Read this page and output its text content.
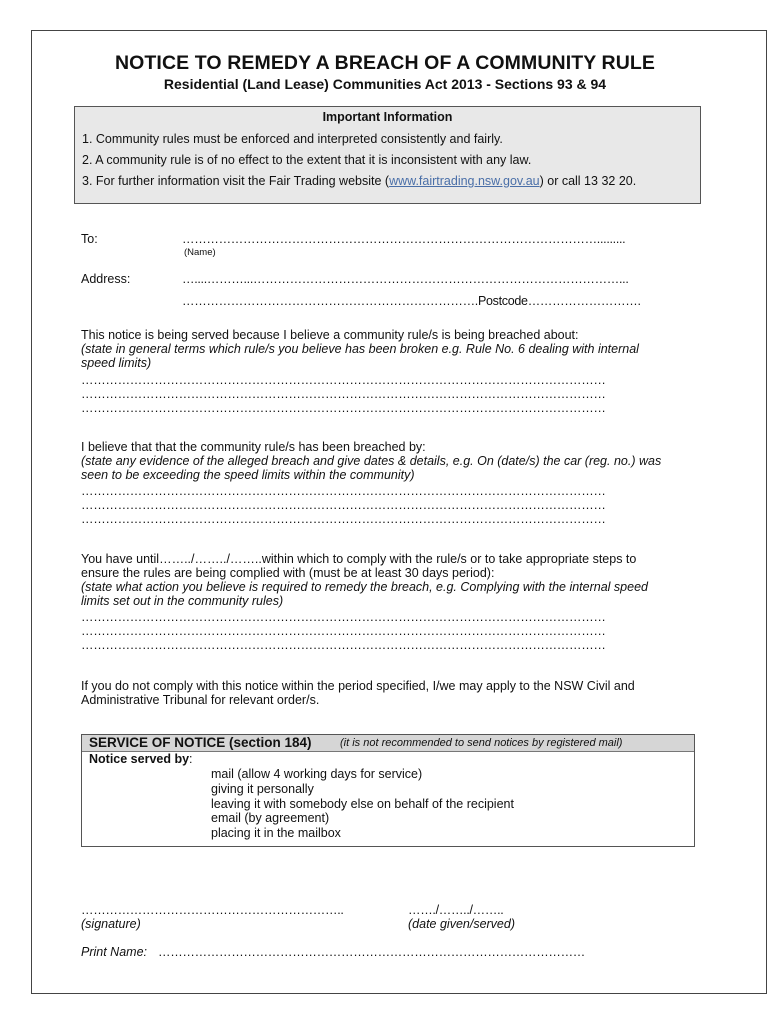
NOTICE TO REMEDY A BREACH OF A COMMUNITY RULE
Residential (Land Lease) Communities Act 2013 - Sections 93 & 94
Important Information
1. Community rules must be enforced and interpreted consistently and fairly.
2. A community rule is of no effect to the extent that it is inconsistent with any law.
3. For further information visit the Fair Trading website (www.fairtrading.nsw.gov.au) or call 13 32 20.
To:	………………………………………………………………………………………….........
(Name)
Address:	…....………...………………………………………………………………………………...
……………………………………………………………….Postcode……………………….
This notice is being served because I believe a community rule/s is being breached about:
(state in general terms which rule/s you believe has been broken e.g. Rule No. 6 dealing with internal
speed limits)
…………………………………………………………………………………………………………………
…………………………………………………………………………………………………………………
…………………………………………………………………………………………………………………
I believe that that the community rule/s has been breached by:
(state any evidence of the alleged breach and give dates & details, e.g. On (date/s) the car (reg. no.) was
seen to be exceeding the speed limits within the community)
…………………………………………………………………………………………………………………
…………………………………………………………………………………………………………………
…………………………………………………………………………………………………………………
You have until……../……../……..within which to comply with the rule/s or to take appropriate steps to
ensure the rules are being complied with (must be at least 30 days period):
(state what action you believe is required to remedy the breach, e.g. Complying with the internal speed
limits set out in the community rules)
…………………………………………………………………………………………………………………
…………………………………………………………………………………………………………………
…………………………………………………………………………………………………………………
If you do not comply with this notice within the period specified, I/we may apply to the NSW Civil and
Administrative Tribunal for relevant order/s.
SERVICE OF NOTICE (section 184)	(it is not recommended to send notices by registered mail)
Notice served by:
mail (allow 4 working days for service)
giving it personally
leaving it with somebody else on behalf of the recipient
email (by agreement)
placing it in the mailbox
………………………………………………………..
(signature)
……./……../……..
(date given/served)
Print Name: ……………………………………………………………………………………………
